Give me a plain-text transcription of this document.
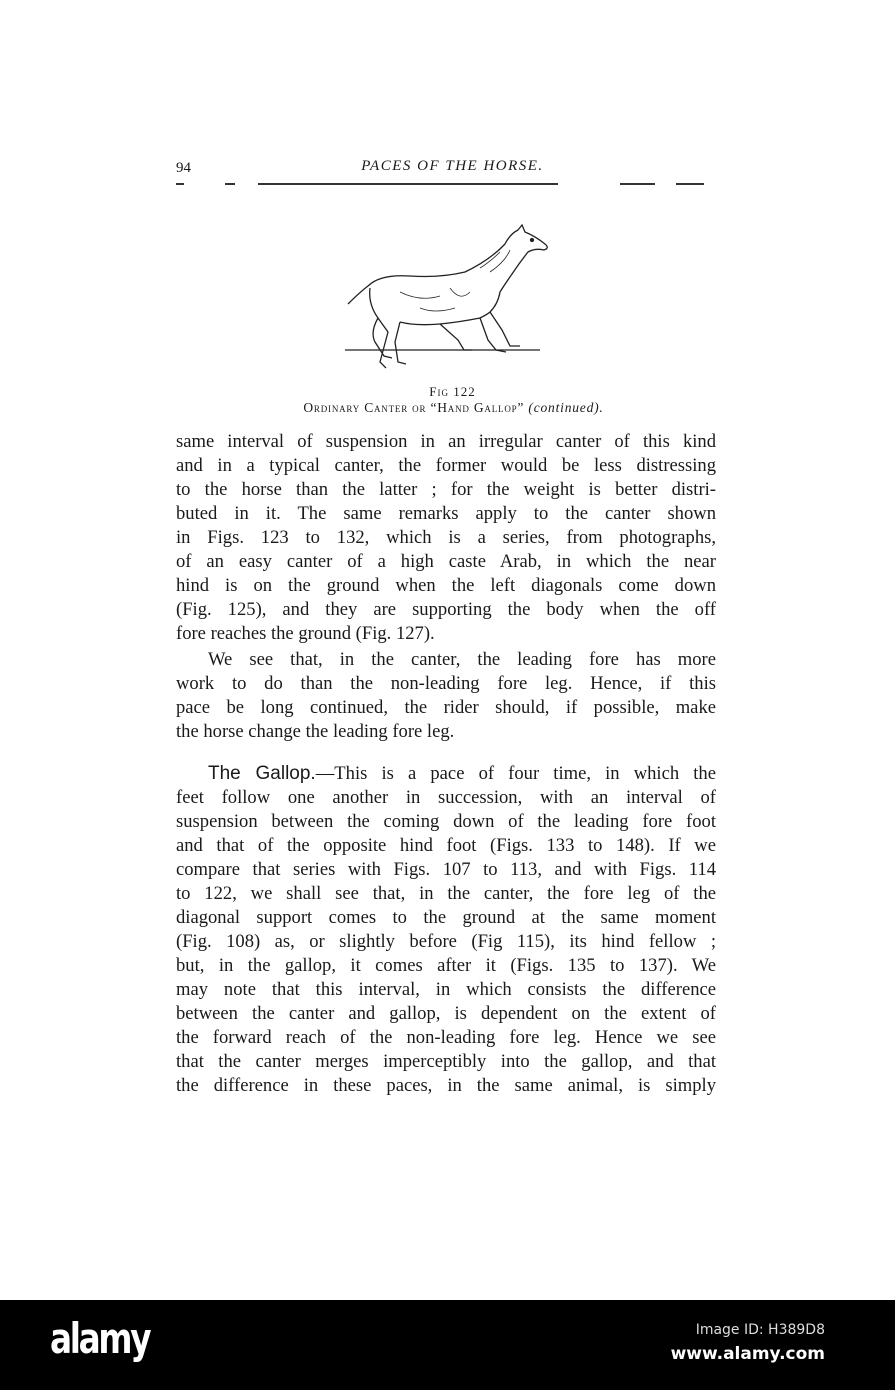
94	PACES OF THE HORSE.
Fig 122
Ordinary Canter or “Hand Gallop” (continued).
same interval of suspension in an irregular canter of this kind
and in a typical canter, the former would be less distressing
to the horse than the latter ; for the weight is better distri-
buted in it. The same remarks apply to the canter shown
in Figs. 123 to 132, which is a series, from photographs,
of an easy canter of a high caste Arab, in which the near
hind is on the ground when the left diagonals come down
(Fig. 125), and they are supporting the body when the off
fore reaches the ground (Fig. 127).
We see that, in the canter, the leading fore has more
work to do than the non-leading fore leg. Hence, if this
pace be long continued, the rider should, if possible, make
the horse change the leading fore leg.
The Gallop.—This is a pace of four time, in which the
feet follow one another in succession, with an interval of
suspension between the coming down of the leading fore foot
and that of the opposite hind foot (Figs. 133 to 148). If we
compare that series with Figs. 107 to 113, and with Figs. 114
to 122, we shall see that, in the canter, the fore leg of the
diagonal support comes to the ground at the same moment
(Fig. 108) as, or slightly before (Fig 115), its hind fellow ;
but, in the gallop, it comes after it (Figs. 135 to 137). We
may note that this interval, in which consists the difference
between the canter and gallop, is dependent on the extent of
the forward reach of the non-leading fore leg. Hence we see
that the canter merges imperceptibly into the gallop, and that
the difference in these paces, in the same animal, is simply
alamy	Image ID: H389D8
www.alamy.com
